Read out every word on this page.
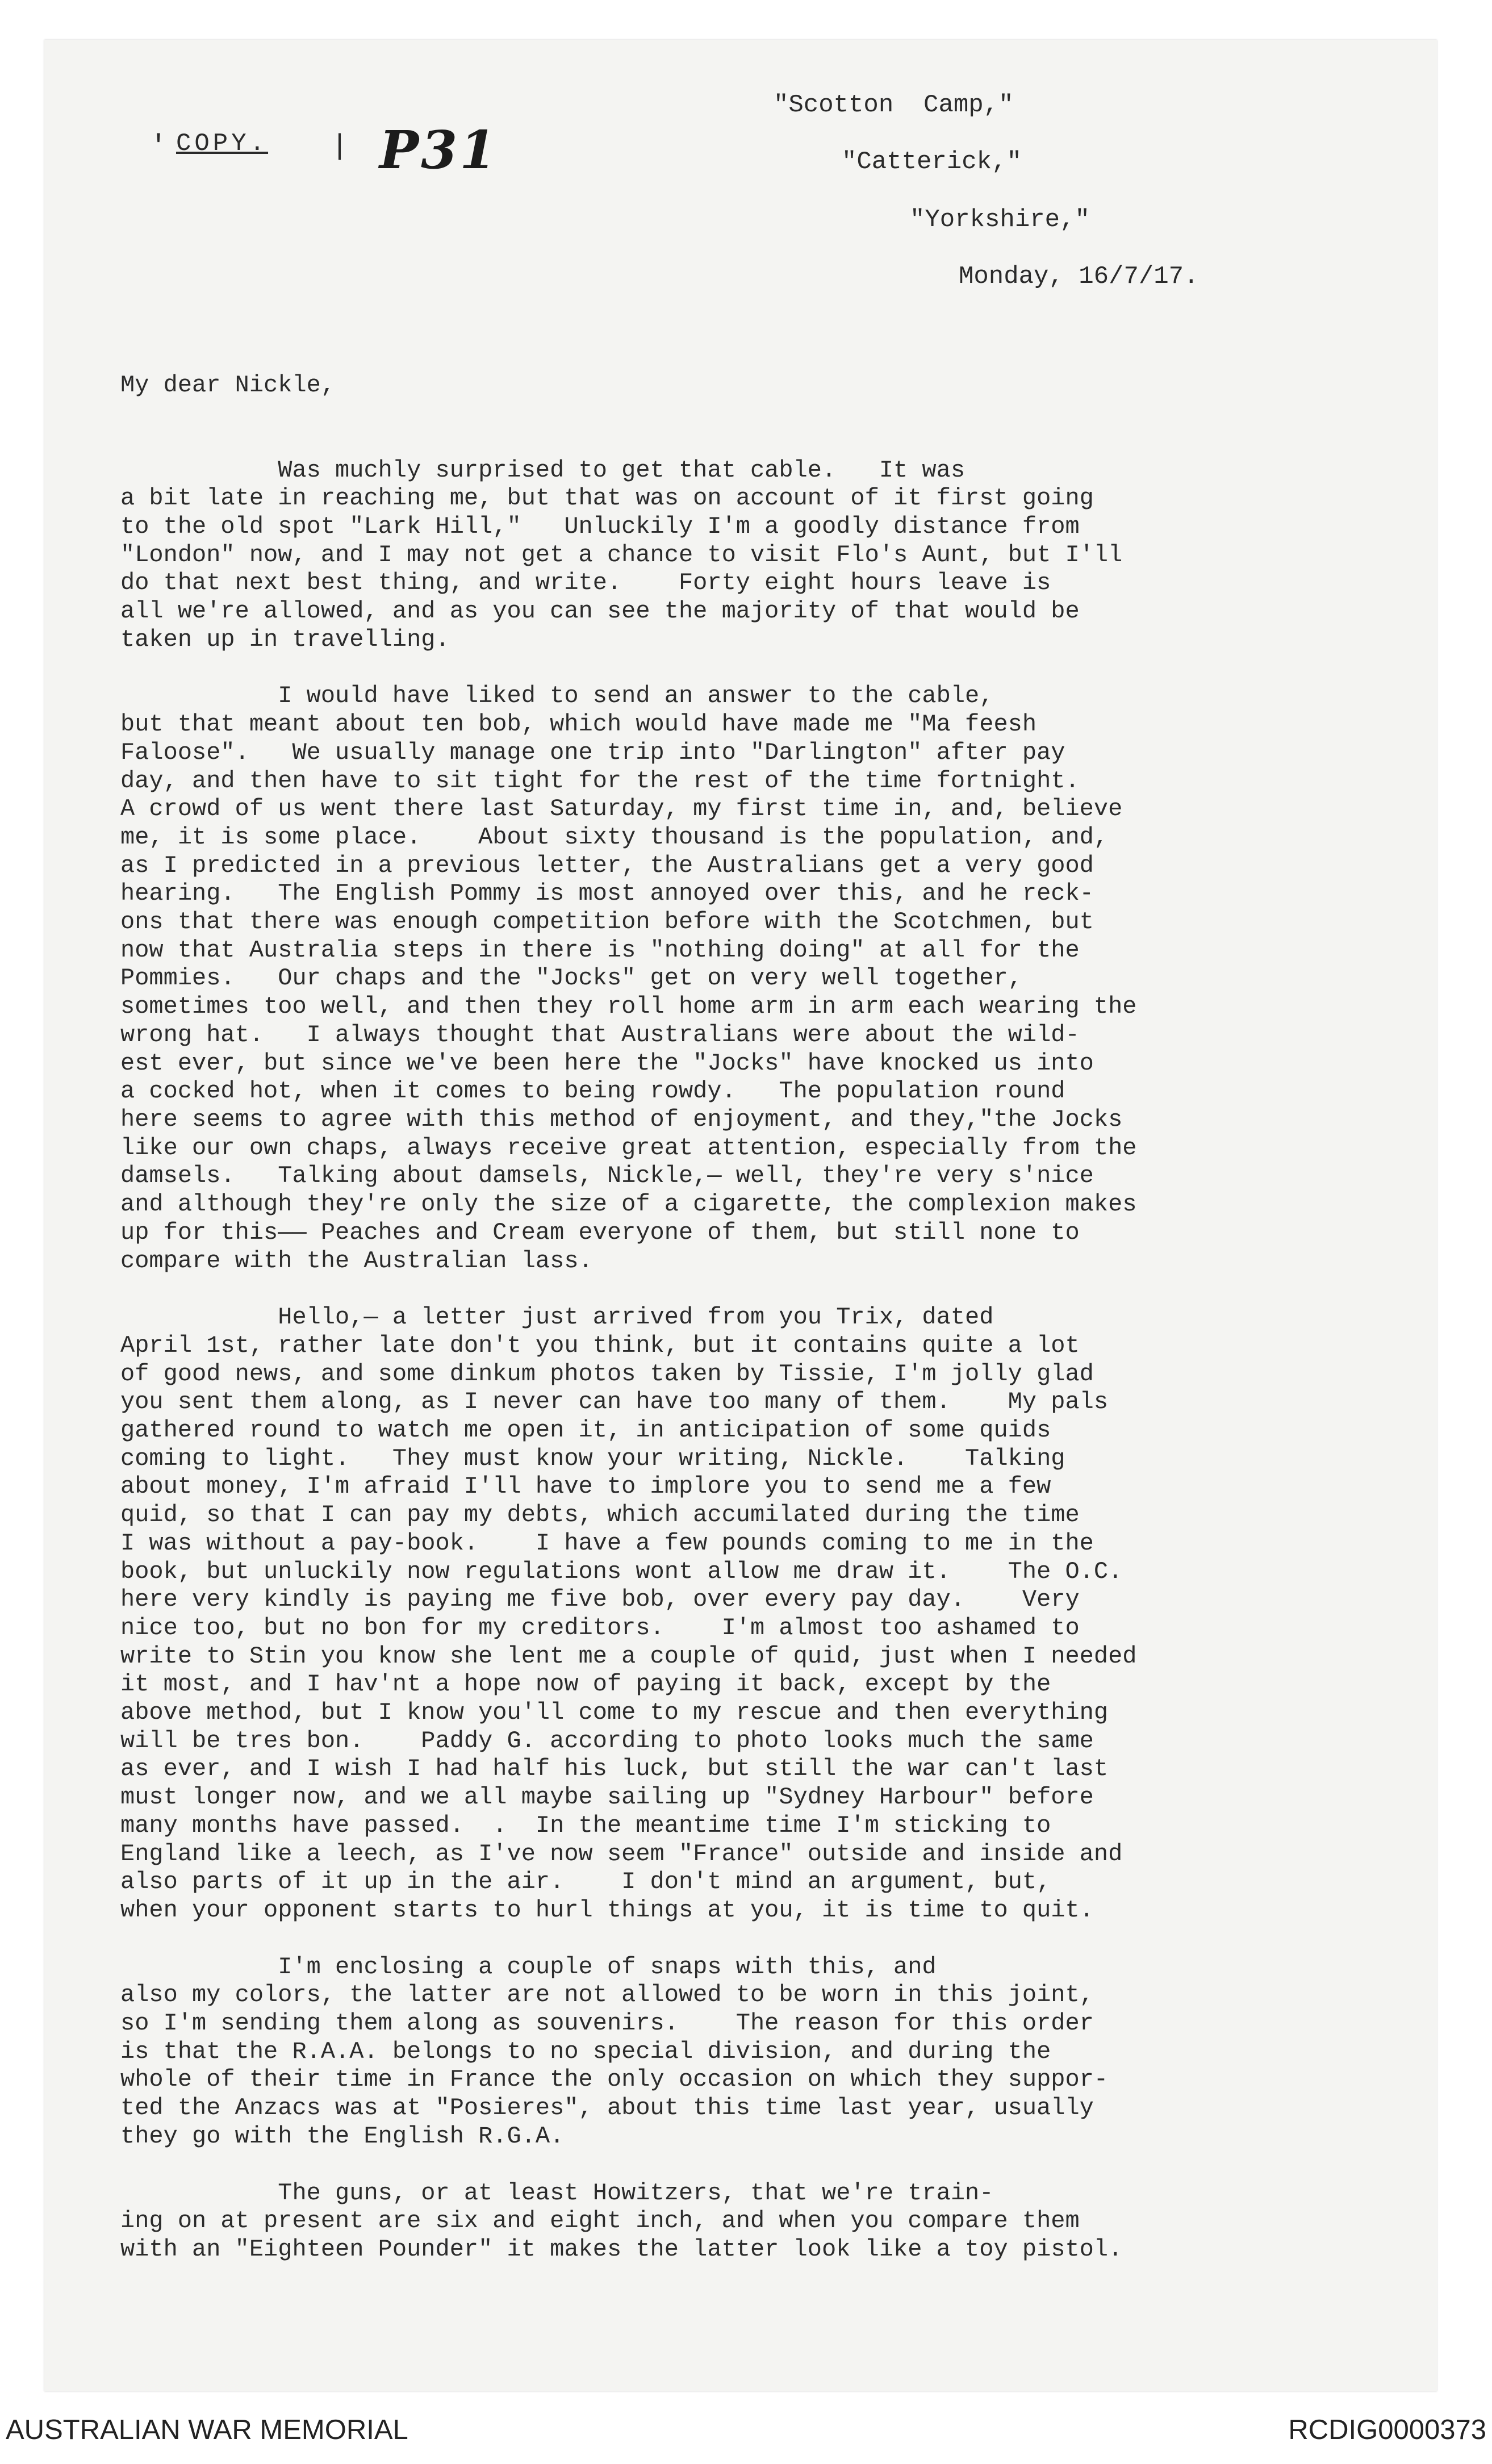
' COPY. | P31
"Scotton  Camp,"
"Catterick,"
"Yorkshire,"
Monday, 16/7/17.

My dear Nickle,

Was muchly surprised to get that cable.   It was
a bit late in reaching me, but that was on account of it first going
to the old spot "Lark Hill,"   Unluckily I'm a goodly distance from
"London" now, and I may not get a chance to visit Flo's Aunt, but I'll
do that next best thing, and write.    Forty eight hours leave is
all we're allowed, and as you can see the majority of that would be
taken up in travelling.
I would have liked to send an answer to the cable,
but that meant about ten bob, which would have made me "Ma feesh
Faloose".   We usually manage one trip into "Darlington" after pay
day, and then have to sit tight for the rest of the time fortnight.
A crowd of us went there last Saturday, my first time in, and, believe
me, it is some place.    About sixty thousand is the population, and,
as I predicted in a previous letter, the Australians get a very good
hearing.   The English Pommy is most annoyed over this, and he reck-
ons that there was enough competition before with the Scotchmen, but
now that Australia steps in there is "nothing doing" at all for the
Pommies.   Our chaps and the "Jocks" get on very well together,
sometimes too well, and then they roll home arm in arm each wearing the
wrong hat.   I always thought that Australians were about the wild-
est ever, but since we've been here the "Jocks" have knocked us into
a cocked hot, when it comes to being rowdy.   The population round
here seems to agree with this method of enjoyment, and they,"the Jocks
like our own chaps, always receive great attention, especially from the
damsels.   Talking about damsels, Nickle,— well, they're very s'nice
and although they're only the size of a cigarette, the complexion makes
up for this—— Peaches and Cream everyone of them, but still none to
compare with the Australian lass.
Hello,— a letter just arrived from you Trix, dated
April 1st, rather late don't you think, but it contains quite a lot
of good news, and some dinkum photos taken by Tissie, I'm jolly glad
you sent them along, as I never can have too many of them.    My pals
gathered round to watch me open it, in anticipation of some quids
coming to light.   They must know your writing, Nickle.    Talking
about money, I'm afraid I'll have to implore you to send me a few
quid, so that I can pay my debts, which accumilated during the time
I was without a pay-book.    I have a few pounds coming to me in the
book, but unluckily now regulations wont allow me draw it.    The O.C.
here very kindly is paying me five bob, over every pay day.    Very
nice too, but no bon for my creditors.    I'm almost too ashamed to
write to Stin you know she lent me a couple of quid, just when I needed
it most, and I hav'nt a hope now of paying it back, except by the
above method, but I know you'll come to my rescue and then everything
will be tres bon.    Paddy G. according to photo looks much the same
as ever, and I wish I had half his luck, but still the war can't last
must longer now, and we all maybe sailing up "Sydney Harbour" before
many months have passed.  .  In the meantime time I'm sticking to
England like a leech, as I've now seem "France" outside and inside and
also parts of it up in the air.    I don't mind an argument, but,
when your opponent starts to hurl things at you, it is time to quit.
I'm enclosing a couple of snaps with this, and
also my colors, the latter are not allowed to be worn in this joint,
so I'm sending them along as souvenirs.    The reason for this order
is that the R.A.A. belongs to no special division, and during the
whole of their time in France the only occasion on which they suppor-
ted the Anzacs was at "Posieres", about this time last year, usually
they go with the English R.G.A.
The guns, or at least Howitzers, that we're train-
ing on at present are six and eight inch, and when you compare them
with an "Eighteen Pounder" it makes the latter look like a toy pistol.

AUSTRALIAN WAR MEMORIAL	RCDIG0000373
